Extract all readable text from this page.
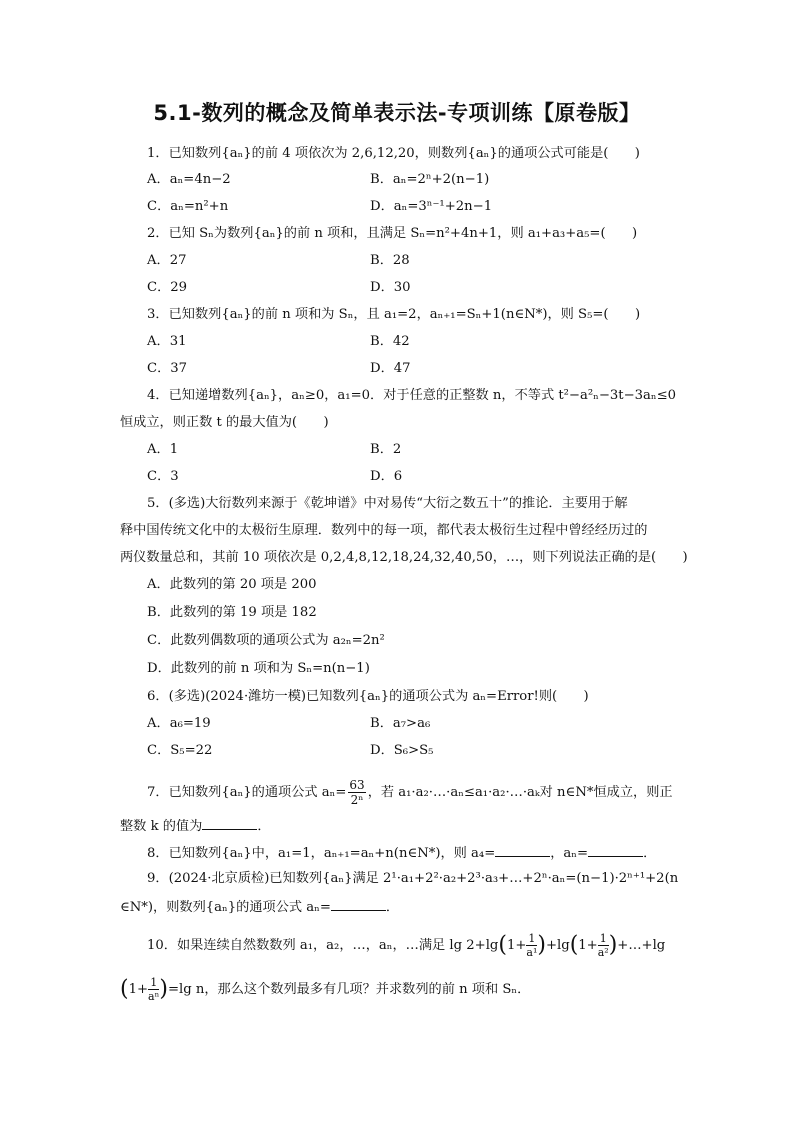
5.1-数列的概念及简单表示法-专项训练【原卷版】
1．已知数列{aₙ}的前 4 项依次为 2,6,12,20，则数列{aₙ}的通项公式可能是(　　)
A．aₙ=4n−2	B．aₙ=2ⁿ+2(n−1)
C．aₙ=n²+n	D．aₙ=3ⁿ⁻¹+2n−1
2．已知 Sₙ为数列{aₙ}的前 n 项和，且满足 Sₙ=n²+4n+1，则 a₁+a₃+a₅=(　　)
A．27	B．28
C．29	D．30
3．已知数列{aₙ}的前 n 项和为 Sₙ，且 a₁=2，aₙ₊₁=Sₙ+1(n∈N*)，则 S₅=(　　)
A．31	B．42
C．37	D．47
4．已知递增数列{aₙ}，aₙ≥0，a₁=0．对于任意的正整数 n，不等式 t²−a²ₙ−3t−3aₙ≤0
恒成立，则正数 t 的最大值为(　　)
A．1	B．2
C．3	D．6
5．(多选)大衍数列来源于《乾坤谱》中对易传“大衍之数五十”的推论．主要用于解
释中国传统文化中的太极衍生原理．数列中的每一项，都代表太极衍生过程中曾经经历过的
两仪数量总和，其前 10 项依次是 0,2,4,8,12,18,24,32,40,50，…，则下列说法正确的是(　　)
A．此数列的第 20 项是 200
B．此数列的第 19 项是 182
C．此数列偶数项的通项公式为 a₂ₙ=2n²
D．此数列的前 n 项和为 Sₙ=n(n−1)
6．(多选)(2024·潍坊一模)已知数列{aₙ}的通项公式为 aₙ=Error!则(　　)
A．a₆=19	B．a₇>a₆
C．S₅=22	D．S₆>S₅
7．已知数列{aₙ}的通项公式 $a_n= \frac{63}{\text{2ⁿ}}$ ，若 a₁·a₂·…·aₙ≤a₁·a₂·…·aₖ对 n∈N*恒成立，则正
整数 k 的值为	．
8．已知数列{aₙ}中，a₁=1，aₙ₊₁=aₙ+n(n∈N*)，则 a₄=	，aₙ=	．
9．(2024·北京质检)已知数列{aₙ}满足 2¹·a₁+2²·a₂+2³·a₃+…+2ⁿ·aₙ=(n−1)·2ⁿ⁺¹+2(n
∈N*)，则数列{aₙ}的通项公式 aₙ=	．
10．如果连续自然数数列 a₁，a₂，…，aₙ，…满足 $\lg 2+\lg(1+ \frac{1}{\text{a¹}} )+\lg(1+ \frac{1}{\text{a²}}$ )+…+lg
$(1+ \frac{1}{\text{aⁿ}} )=\lg$ n，那么这个数列最多有几项？并求数列的前 n 项和 Sₙ．
